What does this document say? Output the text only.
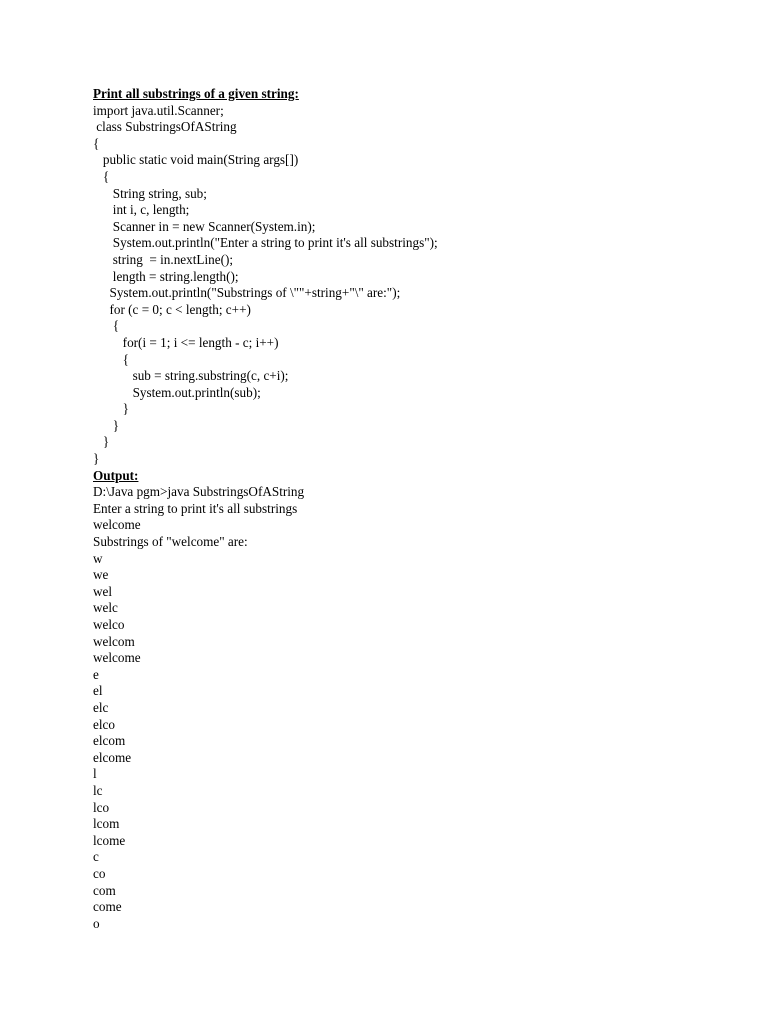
Print all substrings of a given string:
import java.util.Scanner;
class SubstringsOfAString
{
public static void main(String args[])
{
String string, sub;
int i, c, length;
Scanner in = new Scanner(System.in);
System.out.println("Enter a string to print it's all substrings");
string  = in.nextLine();
length = string.length();
System.out.println("Substrings of \""+string+"\" are:");
for (c = 0; c < length; c++)
{
for(i = 1; i <= length - c; i++)
{
sub = string.substring(c, c+i);
System.out.println(sub);
}
}
}
}
Output:
D:\Java pgm>java SubstringsOfAString
Enter a string to print it's all substrings
welcome
Substrings of "welcome" are:
w
we
wel
welc
welco
welcom
welcome
e
el
elc
elco
elcom
elcome
l
lc
lco
lcom
lcome
c
co
com
come
o
